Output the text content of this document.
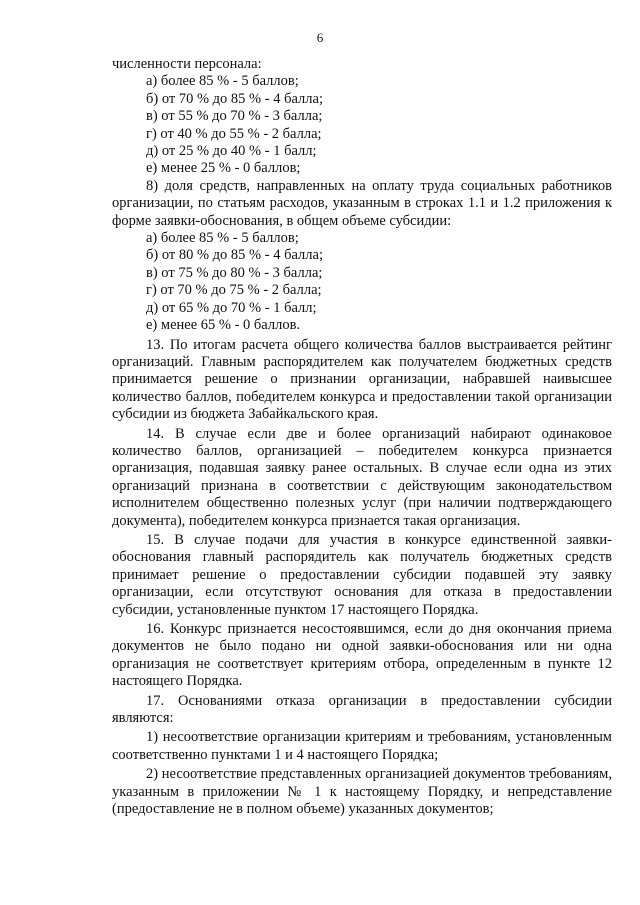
6

численности персонала:

а) более 85 % - 5 баллов;

б) от 70 % до 85 % - 4 балла;

в) от 55 % до 70 % - 3 балла;

г) от 40 % до 55 % - 2 балла;

д) от 25 % до 40 % - 1 балл;

е) менее 25 % - 0 баллов;

8) доля средств, направленных на оплату труда социальных работников организации, по статьям расходов, указанным в строках 1.1 и 1.2 приложения к форме заявки-обоснования, в общем объеме субсидии:

а) более 85 % - 5 баллов;

б) от 80 % до 85 % - 4 балла;

в) от 75 % до 80 % - 3 балла;

г) от 70 % до 75 % - 2 балла;

д) от 65 % до 70 % - 1 балл;

е) менее 65 % - 0 баллов.

13. По итогам расчета общего количества баллов выстраивается рейтинг организаций. Главным распорядителем как получателем бюджетных средств принимается решение о признании организации, набравшей наивысшее количество баллов, победителем конкурса и предоставлении такой организации субсидии из бюджета Забайкальского края.

14. В случае если две и более организаций набирают одинаковое количество баллов, организацией – победителем конкурса признается организация, подавшая заявку ранее остальных. В случае если одна из этих организаций признана в соответствии с действующим законодательством исполнителем общественно полезных услуг (при наличии подтверждающего документа), победителем конкурса признается такая организация.

15. В случае подачи для участия в конкурсе единственной заявки-обоснования главный распорядитель как получатель бюджетных средств принимает решение о предоставлении субсидии подавшей эту заявку организации, если отсутствуют основания для отказа в предоставлении субсидии, установленные пунктом 17 настоящего Порядка.

16. Конкурс признается несостоявшимся, если до дня окончания приема документов не было подано ни одной заявки-обоснования или ни одна организация не соответствует критериям отбора, определенным в пункте 12 настоящего Порядка.

17. Основаниями отказа организации в предоставлении субсидии являются:

1) несоответствие организации критериям и требованиям, установленным соответственно пунктами 1 и 4 настоящего Порядка;

2) несоответствие представленных организацией документов требованиям, указанным в приложении № 1 к настоящему Порядку, и непредставление (предоставление не в полном объеме) указанных документов;
